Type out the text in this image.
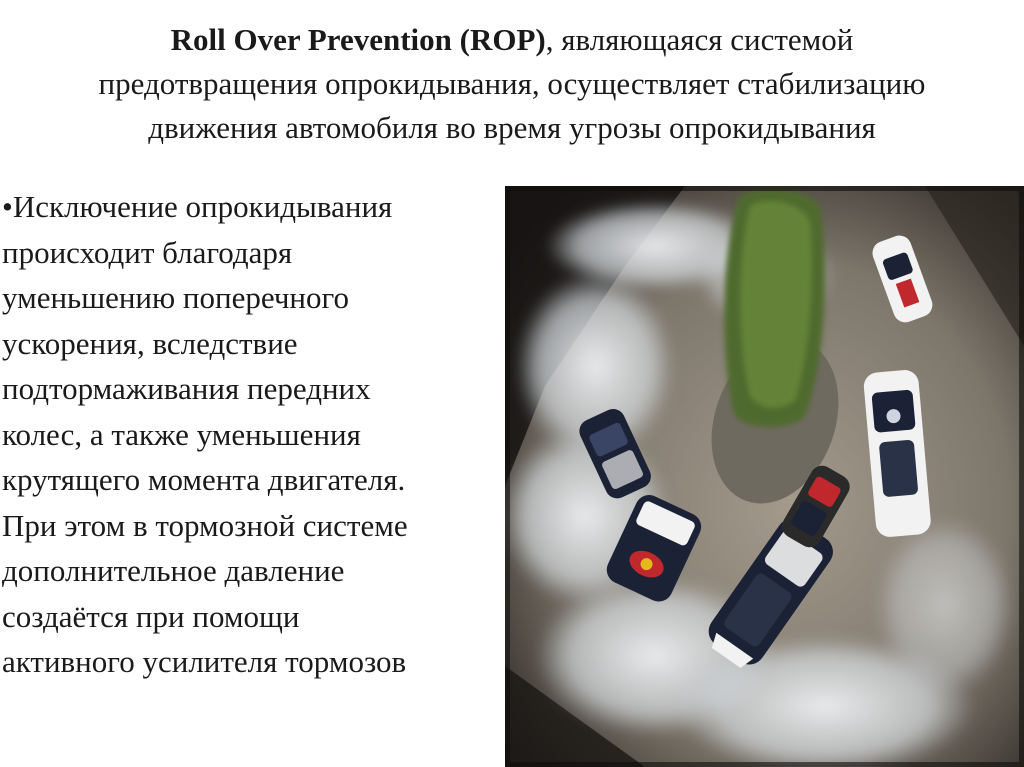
Roll Over Prevention (ROP), являющаяся системой
предотвращения опрокидывания, осуществляет стабилизацию
движения автомобиля во время угрозы опрокидывания
•Исключение опрокидывания
происходит благодаря
уменьшению поперечного
ускорения, вследствие
подтормаживания передних
колес, а также уменьшения
крутящего момента двигателя.
При этом в тормозной системе
дополнительное давление
создаётся при помощи
активного усилителя тормозов
